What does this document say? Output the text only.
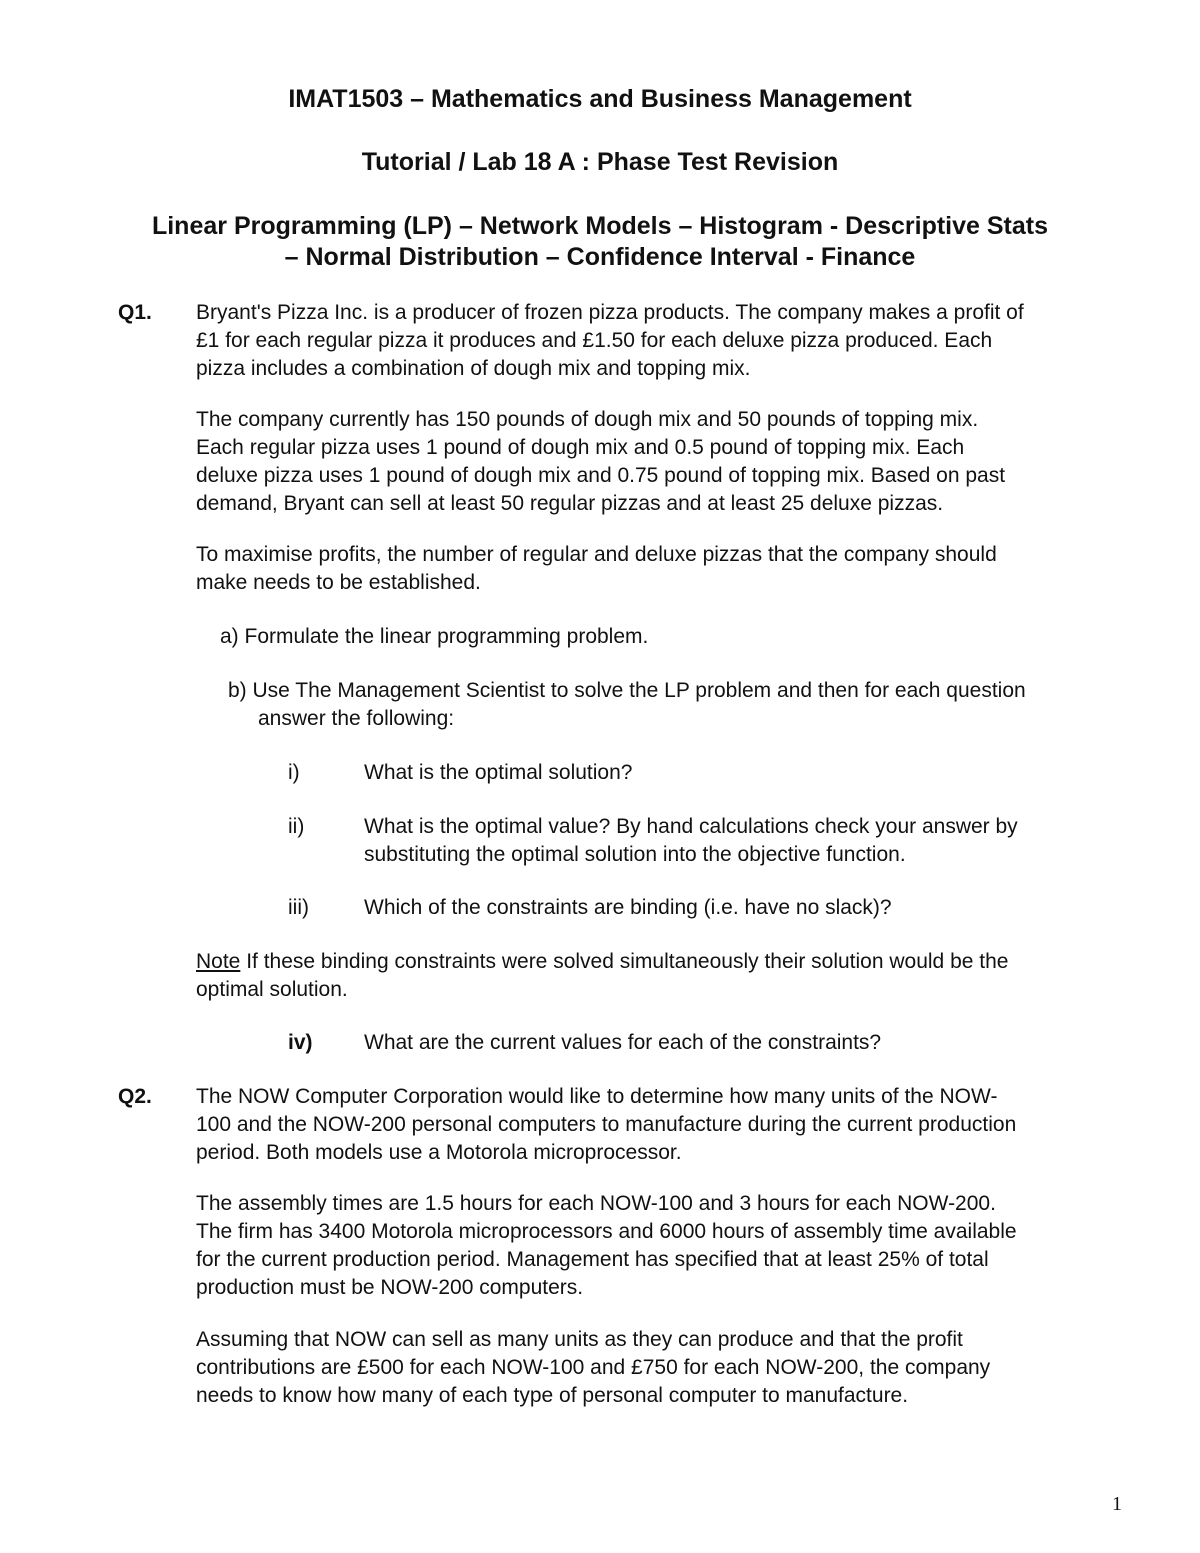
IMAT1503 – Mathematics and Business Management
Tutorial / Lab 18 A : Phase Test Revision
Linear Programming (LP) – Network Models – Histogram - Descriptive Stats
– Normal Distribution – Confidence Interval - Finance
Q1. Bryant's Pizza Inc. is a producer of frozen pizza products. The company makes a profit of
£1 for each regular pizza it produces and £1.50 for each deluxe pizza produced. Each
pizza includes a combination of dough mix and topping mix.
The company currently has 150 pounds of dough mix and 50 pounds of topping mix.
Each regular pizza uses 1 pound of dough mix and 0.5 pound of topping mix. Each
deluxe pizza uses 1 pound of dough mix and 0.75 pound of topping mix. Based on past
demand, Bryant can sell at least 50 regular pizzas and at least 25 deluxe pizzas.
To maximise profits, the number of regular and deluxe pizzas that the company should
make needs to be established.
a) Formulate the linear programming problem.
b) Use The Management Scientist to solve the LP problem and then for each question
answer the following:
i)	What is the optimal solution?
ii)	What is the optimal value? By hand calculations check your answer by
substituting the optimal solution into the objective function.
iii)	Which of the constraints are binding (i.e. have no slack)?
Note If these binding constraints were solved simultaneously their solution would be the
optimal solution.
iv) What are the current values for each of the constraints?
Q2. The NOW Computer Corporation would like to determine how many units of the NOW-
100 and the NOW-200 personal computers to manufacture during the current production
period. Both models use a Motorola microprocessor.
The assembly times are 1.5 hours for each NOW-100 and 3 hours for each NOW-200.
The firm has 3400 Motorola microprocessors and 6000 hours of assembly time available
for the current production period. Management has specified that at least 25% of total
production must be NOW-200 computers.
Assuming that NOW can sell as many units as they can produce and that the profit
contributions are £500 for each NOW-100 and £750 for each NOW-200, the company
needs to know how many of each type of personal computer to manufacture.
1
